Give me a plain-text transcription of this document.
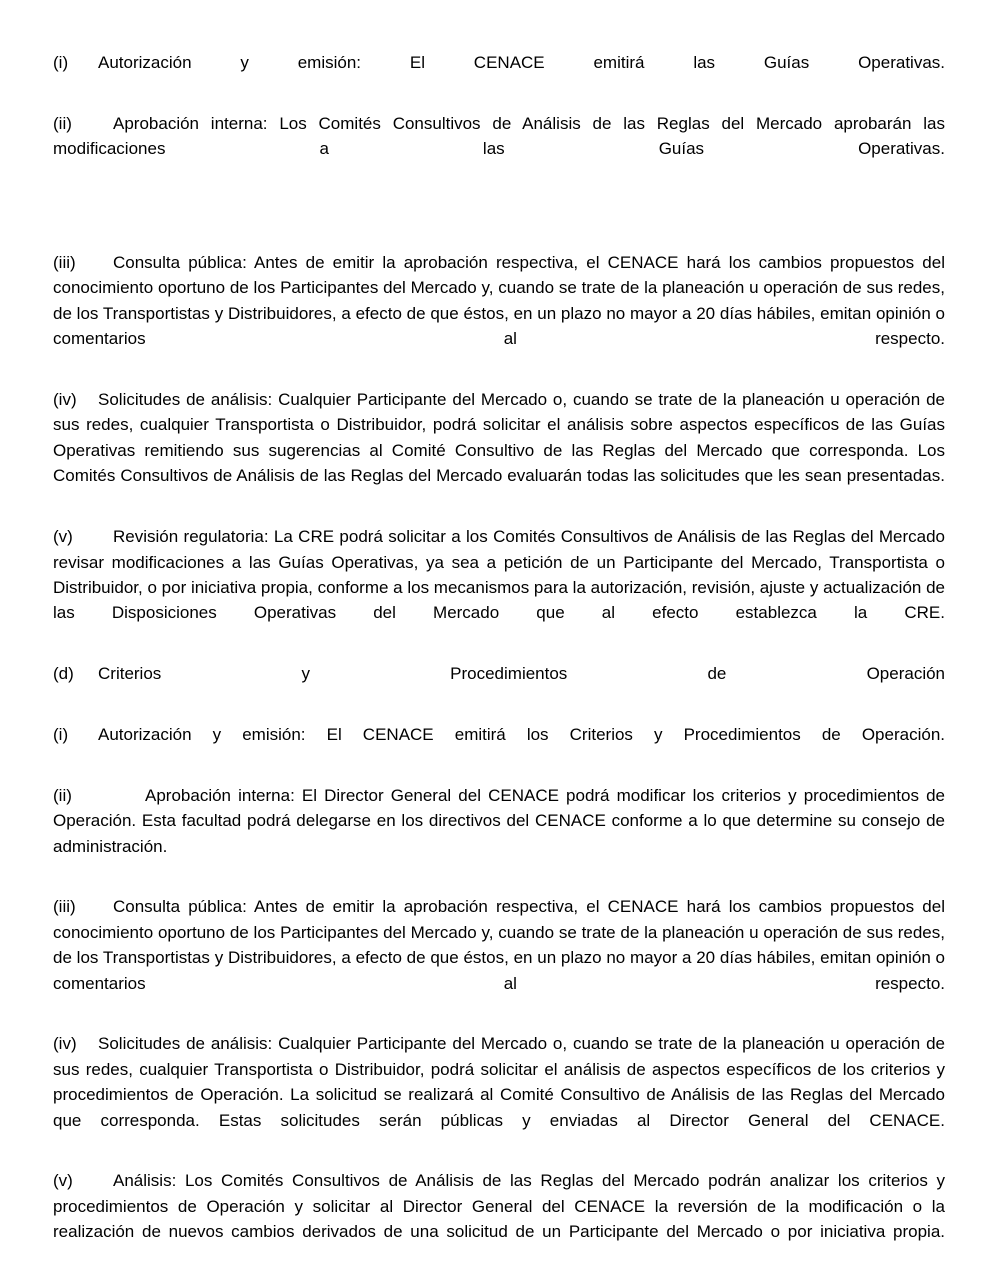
(i) Autorización y emisión: El CENACE emitirá las Guías Operativas.

(ii) Aprobación interna: Los Comités Consultivos de Análisis de las Reglas del Mercado aprobarán las modificaciones a las Guías Operativas.

(iii) Consulta pública: Antes de emitir la aprobación respectiva, el CENACE hará los cambios propuestos del conocimiento oportuno de los Participantes del Mercado y, cuando se trate de la planeación u operación de sus redes, de los Transportistas y Distribuidores, a efecto de que éstos, en un plazo no mayor a 20 días hábiles, emitan opinión o comentarios al respecto.

(iv) Solicitudes de análisis: Cualquier Participante del Mercado o, cuando se trate de la planeación u operación de sus redes, cualquier Transportista o Distribuidor, podrá solicitar el análisis sobre aspectos específicos de las Guías Operativas remitiendo sus sugerencias al Comité Consultivo de las Reglas del Mercado que corresponda. Los Comités Consultivos de Análisis de las Reglas del Mercado evaluarán todas las solicitudes que les sean presentadas.

(v) Revisión regulatoria: La CRE podrá solicitar a los Comités Consultivos de Análisis de las Reglas del Mercado revisar modificaciones a las Guías Operativas, ya sea a petición de un Participante del Mercado, Transportista o Distribuidor, o por iniciativa propia, conforme a los mecanismos para la autorización, revisión, ajuste y actualización de las Disposiciones Operativas del Mercado que al efecto establezca la CRE.

(d) Criterios y Procedimientos de Operación

(i) Autorización y emisión: El CENACE emitirá los Criterios y Procedimientos de Operación.

(ii)	Aprobación interna: El Director General del CENACE podrá modificar los criterios y procedimientos de Operación. Esta facultad podrá delegarse en los directivos del CENACE conforme a lo que determine su consejo de administración.

(iii) Consulta pública: Antes de emitir la aprobación respectiva, el CENACE hará los cambios propuestos del conocimiento oportuno de los Participantes del Mercado y, cuando se trate de la planeación u operación de sus redes, de los Transportistas y Distribuidores, a efecto de que éstos, en un plazo no mayor a 20 días hábiles, emitan opinión o comentarios al respecto.

(iv) Solicitudes de análisis: Cualquier Participante del Mercado o, cuando se trate de la planeación u operación de sus redes, cualquier Transportista o Distribuidor, podrá solicitar el análisis de aspectos específicos de los criterios y procedimientos de Operación. La solicitud se realizará al Comité Consultivo de Análisis de las Reglas del Mercado que corresponda. Estas solicitudes serán públicas y enviadas al Director General del CENACE.

(v) Análisis: Los Comités Consultivos de Análisis de las Reglas del Mercado podrán analizar los criterios y procedimientos de Operación y solicitar al Director General del CENACE la reversión de la modificación o la realización de nuevos cambios derivados de una solicitud de un Participante del Mercado o por iniciativa propia.
